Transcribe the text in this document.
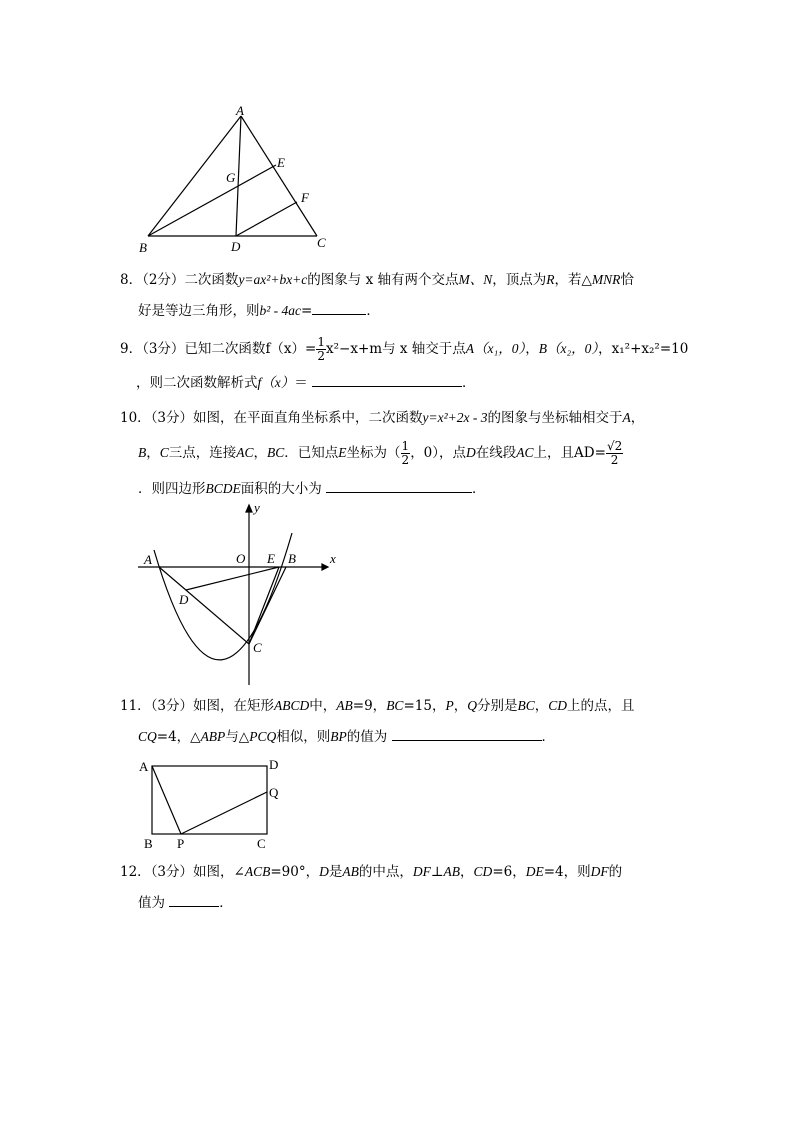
A
B	C
D
E
F
G
8．（2分）二次函数y=ax²+bx+c的图象与 x 轴有两个交点M、N，顶点为R，若△MNR恰
好是等边三角形，则b² - 4ac=	．
9．（3分）已知二次函数$f(x)= \frac{1}{2} x^2-x+m$与 x 轴交于点A（x₁，0），B（x₂，0），x₁²+x₂²=10
，则二次函数解析式f（x）＝	．
10．（3分）如图，在平面直角坐标系中，二次函数y=x²+2x - 3的图象与坐标轴相交于A，
B，C三点，连接AC，BC．已知点E坐标为（ $\frac{1}{2}$ ，0），点D在线段AC上，且$AD= \frac{√2}{2}$
．则四边形BCDE面积的大小为	．
x
y
O
A	E B
D
C
11．（3分）如图，在矩形ABCD中，AB=9，BC=15，P，Q分别是BC，CD上的点，且
CQ=4，△ABP与△PCQ相似，则BP的值为	．
A	D
Q
B P	C
12．（3分）如图，∠ACB=90°，D是AB的中点，DF⊥AB，CD=6，DE=4，则DF的
值为	．
